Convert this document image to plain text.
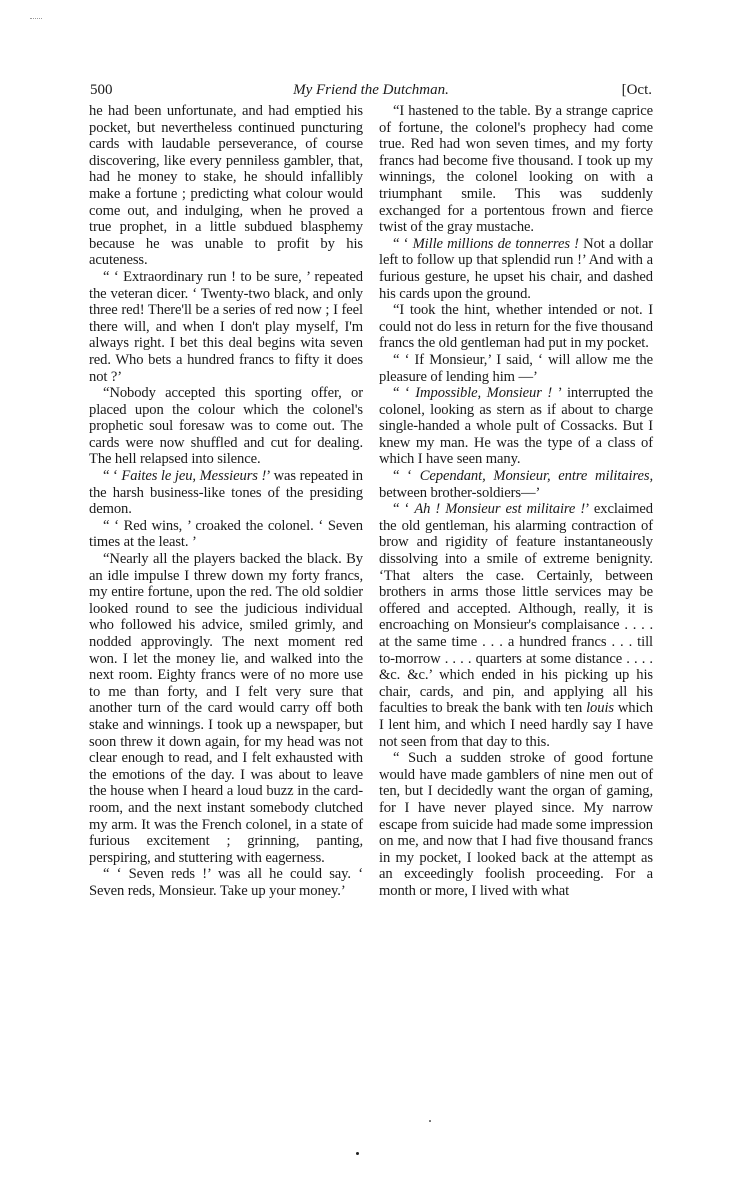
500	My Friend the Dutchman.	[Oct.

he had been unfortunate, and had emptied his pocket, but nevertheless continued puncturing cards with laudable perseverance, of course discovering, like every penniless gambler, that, had he money to stake, he should infallibly make a fortune ; predicting what colour would come out, and indulging, when he proved a true prophet, in a little subdued blasphemy because he was unable to profit by his acuteness.

“ ‘ Extraordinary run ! to be sure, ’ repeated the veteran dicer. ‘ Twenty-two black, and only three red! There'll be a series of red now ; I feel there will, and when I don't play myself, I'm always right. I bet this deal begins wita seven red. Who bets a hundred francs to fifty it does not ?’

“Nobody accepted this sporting offer, or placed upon the colour which the colonel's prophetic soul foresaw was to come out. The cards were now shuffled and cut for dealing. The hell relapsed into silence.

“ ‘ Faites le jeu, Messieurs !’ was repeated in the harsh business-like tones of the presiding demon.

“ ‘ Red wins, ’ croaked the colonel. ‘ Seven times at the least. ’

“Nearly all the players backed the black. By an idle impulse I threw down my forty francs, my entire fortune, upon the red. The old soldier looked round to see the judicious individual who followed his advice, smiled grimly, and nodded approvingly. The next moment red won. I let the money lie, and walked into the next room. Eighty francs were of no more use to me than forty, and I felt very sure that another turn of the card would carry off both stake and winnings. I took up a newspaper, but soon threw it down again, for my head was not clear enough to read, and I felt exhausted with the emotions of the day. I was about to leave the house when I heard a loud buzz in the card-room, and the next instant somebody clutched my arm. It was the French colonel, in a state of furious excitement ; grinning, panting, perspiring, and stuttering with eagerness.

“ ‘ Seven reds !’ was all he could say. ‘ Seven reds, Monsieur. Take up your money.’

“I hastened to the table. By a strange caprice of fortune, the colonel's prophecy had come true. Red had won seven times, and my forty francs had become five thousand. I took up my winnings, the colonel looking on with a triumphant smile. This was suddenly exchanged for a portentous frown and fierce twist of the gray mustache.

“ ‘ Mille millions de tonnerres ! Not a dollar left to follow up that splendid run !’ And with a furious gesture, he upset his chair, and dashed his cards upon the ground.

“I took the hint, whether intended or not. I could not do less in return for the five thousand francs the old gentleman had put in my pocket.

“ ‘ If Monsieur,’ I said, ‘ will allow me the pleasure of lending him —’

“ ‘ Impossible, Monsieur ! ’ interrupted the colonel, looking as stern as if about to charge single-handed a whole pult of Cossacks. But I knew my man. He was the type of a class of which I have seen many.

“ ‘ Cependant, Monsieur, entre militaires, between brother-soldiers—’

“ ‘ Ah ! Monsieur est militaire !’ exclaimed the old gentleman, his alarming contraction of brow and rigidity of feature instantaneously dissolving into a smile of extreme benignity. ‘That alters the case. Certainly, between brothers in arms those little services may be offered and accepted. Although, really, it is encroaching on Monsieur's complaisance . . . . at the same time . . . a hundred francs . . . till to-morrow . . . . quarters at some distance . . . . &c. &c.’ which ended in his picking up his chair, cards, and pin, and applying all his faculties to break the bank with ten louis which I lent him, and which I need hardly say I have not seen from that day to this.

“ Such a sudden stroke of good fortune would have made gamblers of nine men out of ten, but I decidedly want the organ of gaming, for I have never played since. My narrow escape from suicide had made some impression on me, and now that I had five thousand francs in my pocket, I looked back at the attempt as an exceedingly foolish proceeding. For a month or more, I lived with what
